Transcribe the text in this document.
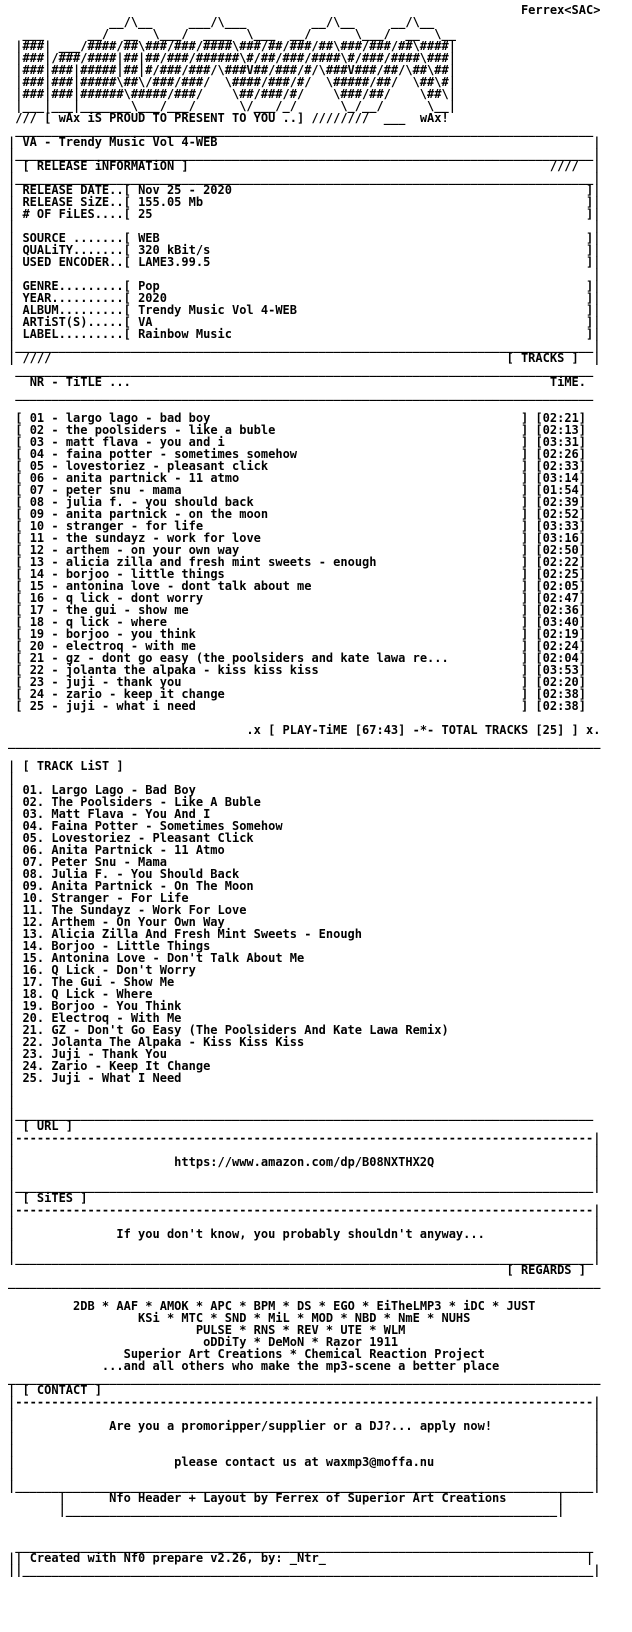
Ferrex<SAC>
__/\__     ___/\___         __/\__     __/\__
___      __/  __  \___/  ____  \___  __/      \___/  __  \__
|###| ___/####/##\###/###/####\###/##/###/##\###/###/##\####|
|###|/###/####|##|##/###/######\#/##/###/####\#/###/####\###|
|###|###|#####|##|#/###/###/\###V##/###/#/\###V###/##/\##\##|
|###|###|#####\##\/###/###/  \####/###/#/  \#####/##/  \##\#|
|###|###|######\#####/###/    \##/###/#/    \###/##/    \##\|
|___|___|_______\___/___/      \/___/_/      \_/__/      \__|
/// [ wAx iS PROUD TO PRESENT TO YOU ..] ////////  ___  wAx!
________________________________________________________________________________
| VA - Trendy Music Vol 4-WEB                                                    |
|________________________________________________________________________________|
| [ RELEASE iNFORMATiON ]                                                  ////  |
|________________________________________________________________________________|
| RELEASE DATE..[ Nov 25 - 2020                                                 ]|
| RELEASE SiZE..[ 155.05 Mb                                                     ]|
| # OF FiLES....[ 25                                                            ]|
|                                                                                |
| SOURCE .......[ WEB                                                           ]|
| QUALiTY.......[ 320 kBit/s                                                    ]|
| USED ENCODER..[ LAME3.99.5                                                    ]|
|                                                                                |
| GENRE.........[ Pop                                                           ]|
| YEAR..........[ 2020                                                          ]|
| ALBUM.........[ Trendy Music Vol 4-WEB                                        ]|
| ARTiST(S).....[ VA                                                            ]|
| LABEL.........[ Rainbow Music                                                 ]|
|________________________________________________________________________________|
| ////                                                               [ TRACKS ]  |
________________________________________________________________________________
NR - TiTLE ...	TiME.
________________________________________________________________________________

[ 01 - largo lago - bad boy                                           ] [02:21]
[ 02 - the poolsiders - like a buble                                  ] [02:13]
[ 03 - matt flava - you and i                                         ] [03:31]
[ 04 - faina potter - sometimes somehow                               ] [02:26]
[ 05 - lovestoriez - pleasant click                                   ] [02:33]
[ 06 - anita partnick - 11 atmo                                       ] [03:14]
[ 07 - peter snu - mama                                               ] [01:54]
[ 08 - julia f. - you should back                                     ] [02:39]
[ 09 - anita partnick - on the moon                                   ] [02:52]
[ 10 - stranger - for life                                            ] [03:33]
[ 11 - the sundayz - work for love                                    ] [03:16]
[ 12 - arthem - on your own way                                       ] [02:50]
[ 13 - alicia zilla and fresh mint sweets - enough                    ] [02:22]
[ 14 - borjoo - little things                                         ] [02:25]
[ 15 - antonina love - dont talk about me                             ] [02:05]
[ 16 - q lick - dont worry                                            ] [02:47]
[ 17 - the gui - show me                                              ] [02:36]
[ 18 - q lick - where                                                 ] [03:40]
[ 19 - borjoo - you think                                             ] [02:19]
[ 20 - electroq - with me                                             ] [02:24]
[ 21 - gz - dont go easy (the poolsiders and kate lawa re...          ] [02:04]
[ 22 - jolanta the alpaka - kiss kiss kiss                            ] [03:53]
[ 23 - juji - thank you                                               ] [02:20]
[ 24 - zario - keep it change                                         ] [02:38]
[ 25 - juji - what i need                                             ] [02:38]

.x [ PLAY-TiME [67:43] -*- TOTAL TRACKS [25] ] x.
__________________________________________________________________________________

| [ TRACK LiST ]
|
| 01. Largo Lago - Bad Boy
| 02. The Poolsiders - Like A Buble
| 03. Matt Flava - You And I
| 04. Faina Potter - Sometimes Somehow
| 05. Lovestoriez - Pleasant Click
| 06. Anita Partnick - 11 Atmo
| 07. Peter Snu - Mama
| 08. Julia F. - You Should Back
| 09. Anita Partnick - On The Moon
| 10. Stranger - For Life
| 11. The Sundayz - Work For Love
| 12. Arthem - On Your Own Way
| 13. Alicia Zilla And Fresh Mint Sweets - Enough
| 14. Borjoo - Little Things
| 15. Antonina Love - Don't Talk About Me
| 16. Q Lick - Don't Worry
| 17. The Gui - Show Me
| 18. Q Lick - Where
| 19. Borjoo - You Think
| 20. Electroq - With Me
| 21. GZ - Don't Go Easy (The Poolsiders And Kate Lawa Remix)
| 22. Jolanta The Alpaka - Kiss Kiss Kiss
| 23. Juji - Thank You
| 24. Zario - Keep It Change
| 25. Juji - What I Need
|
|
|________________________________________________________________________________
| [ URL ]
|--------------------------------------------------------------------------------|
|                                                                                |
|                      https://www.amazon.com/dp/B08NXTHX2Q                      |
|                                                                                |
|________________________________________________________________________________|
| [ SiTES ]
|--------------------------------------------------------------------------------|
|                                                                                |
|              If you don't know, you probably shouldn't anyway...               |
|                                                                                |
|________________________________________________________________________________|
[ REGARDS ]
__________________________________________________________________________________

2DB * AAF * AMOK * APC * BPM * DS * EGO * EiTheLMP3 * iDC * JUST
KSi * MTC * SND * MiL * MOD * NBD * NmE * NUHS
PULSE * RNS * REV * UTE * WLM
oDDiTy * DeMoN * Razor 1911
Superior Art Creations * Chemical Reaction Project
...and all others who make the mp3-scene a better place
__________________________________________________________________________________
| [ CONTACT ]
|--------------------------------------------------------------------------------|
|                                                                                |
|             Are you a promoripper/supplier or a DJ?... apply now!              |
|                                                                                |
|                                                                                |
|                      please contact us at waxmp3@moffa.nu                      |
|                                                                                |
|________________________________________________________________________________|
|      Nfo Header + Layout by Ferrex of Superior Art Creations       |
|____________________________________________________________________|

________________________________________________________________________________
|| Created with Nf0 prepare v2.26, by: _Ntr_                                    |
||_______________________________________________________________________________|
